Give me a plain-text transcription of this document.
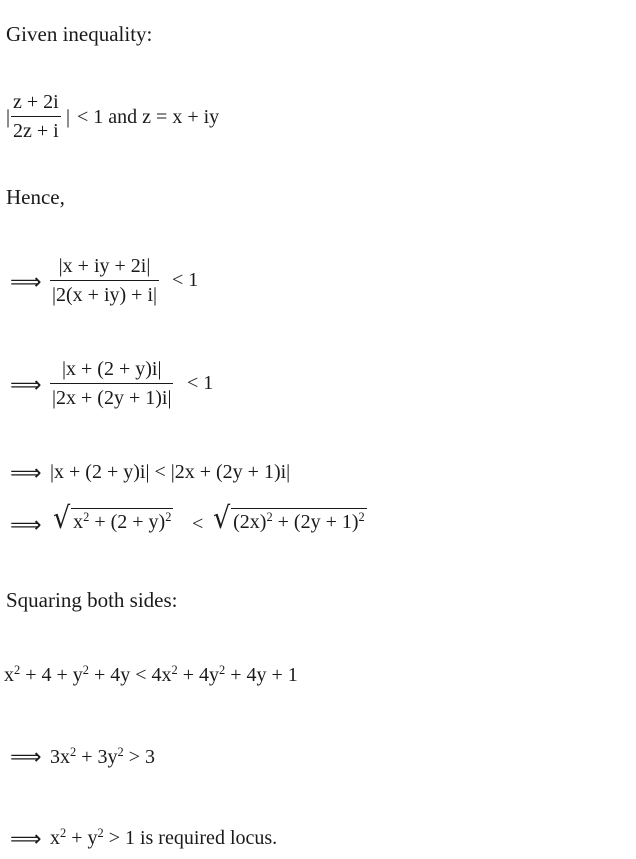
Given inequality:
|
z + 2i
2z + i
| < 1 and z = x + iy
Hence,
⟹
|x + iy + 2i|
|2(x + iy) + i|
< 1
⟹
|x + (2 + y)i|
|2x + (2y + 1)i|
< 1
⟹ |x + (2 + y)i| < |2x + (2y + 1)i|
⟹ √ $x^2 + (2 + y)^2$ < √ $(2x)^2 + (2y + 1)^2$
Squaring both sides:
$x^2 + 4 + y^2 + 4y < 4x^2 + 4y^2 + 4y + 1$
⟹ $3x^2 + 3y^2 > 3$
⟹ $x^2 + y^2 > 1$ is required locus.
